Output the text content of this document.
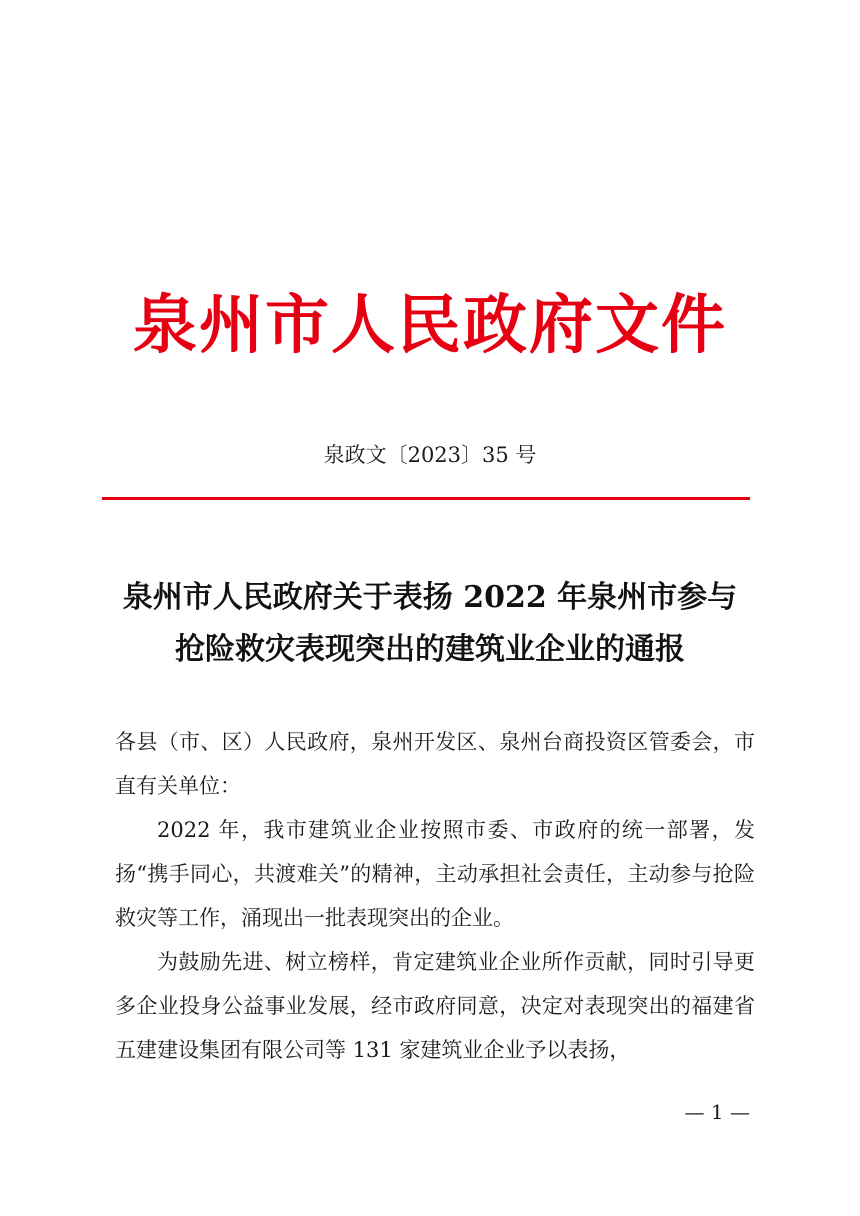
泉州市人民政府文件
泉政文〔2023〕35 号
泉州市人民政府关于表扬 2022 年泉州市参与
抢险救灾表现突出的建筑业企业的通报

各县（市、区）人民政府，泉州开发区、泉州台商投资区管委会，市直有关单位：

2022 年，我市建筑业企业按照市委、市政府的统一部署，发扬“携手同心，共渡难关”的精神，主动承担社会责任，主动参与抢险救灾等工作，涌现出一批表现突出的企业。

为鼓励先进、树立榜样，肯定建筑业企业所作贡献，同时引导更多企业投身公益事业发展，经市政府同意，决定对表现突出的福建省五建建设集团有限公司等 131 家建筑业企业予以表扬，

— 1 —
